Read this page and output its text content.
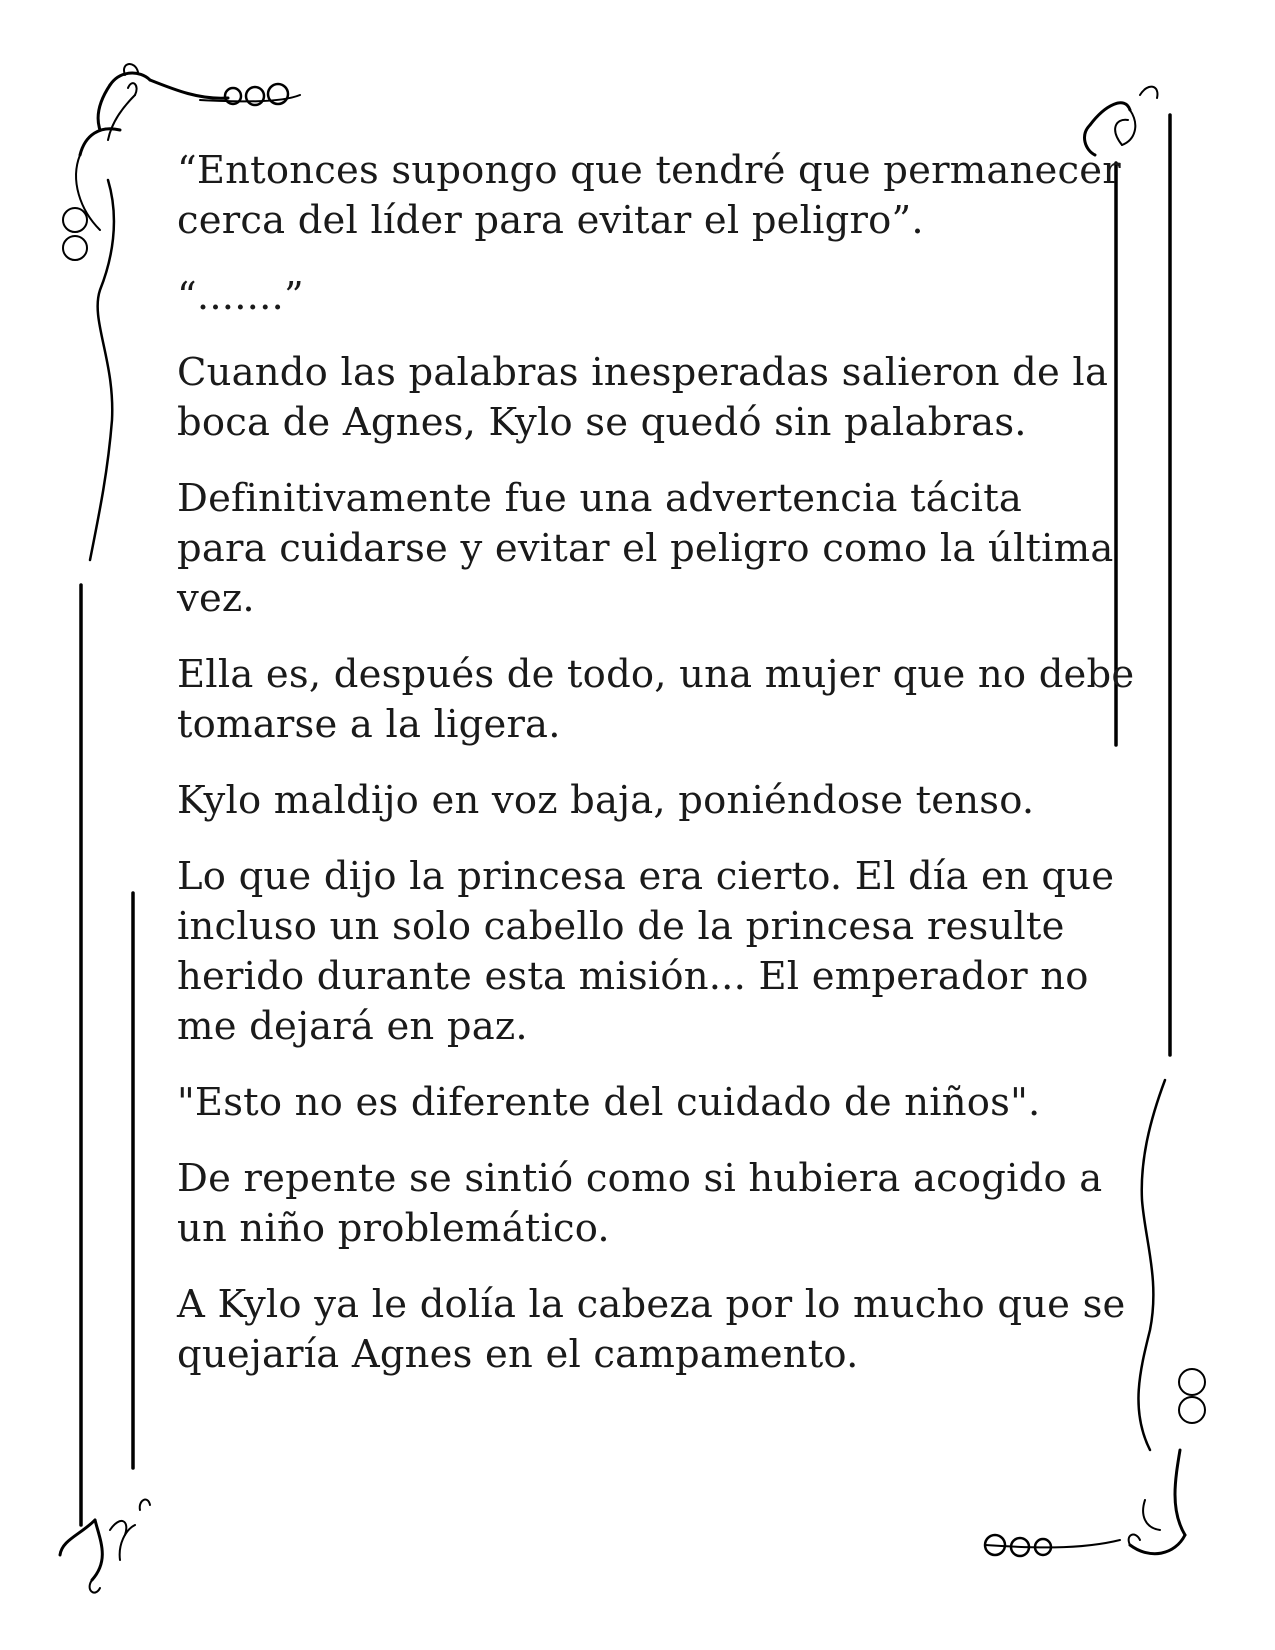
“Entonces supongo que tendré que permanecer
cerca del líder para evitar el peligro”.

“.......”

Cuando las palabras inesperadas salieron de la
boca de Agnes, Kylo se quedó sin palabras.

Definitivamente fue una advertencia tácita
para cuidarse y evitar el peligro como la última
vez.

Ella es, después de todo, una mujer que no debe
tomarse a la ligera.

Kylo maldijo en voz baja, poniéndose tenso.

Lo que dijo la princesa era cierto. El día en que
incluso un solo cabello de la princesa resulte
herido durante esta misión... El emperador no
me dejará en paz.

"Esto no es diferente del cuidado de niños".

De repente se sintió como si hubiera acogido a
un niño problemático.

A Kylo ya le dolía la cabeza por lo mucho que se
quejaría Agnes en el campamento.
